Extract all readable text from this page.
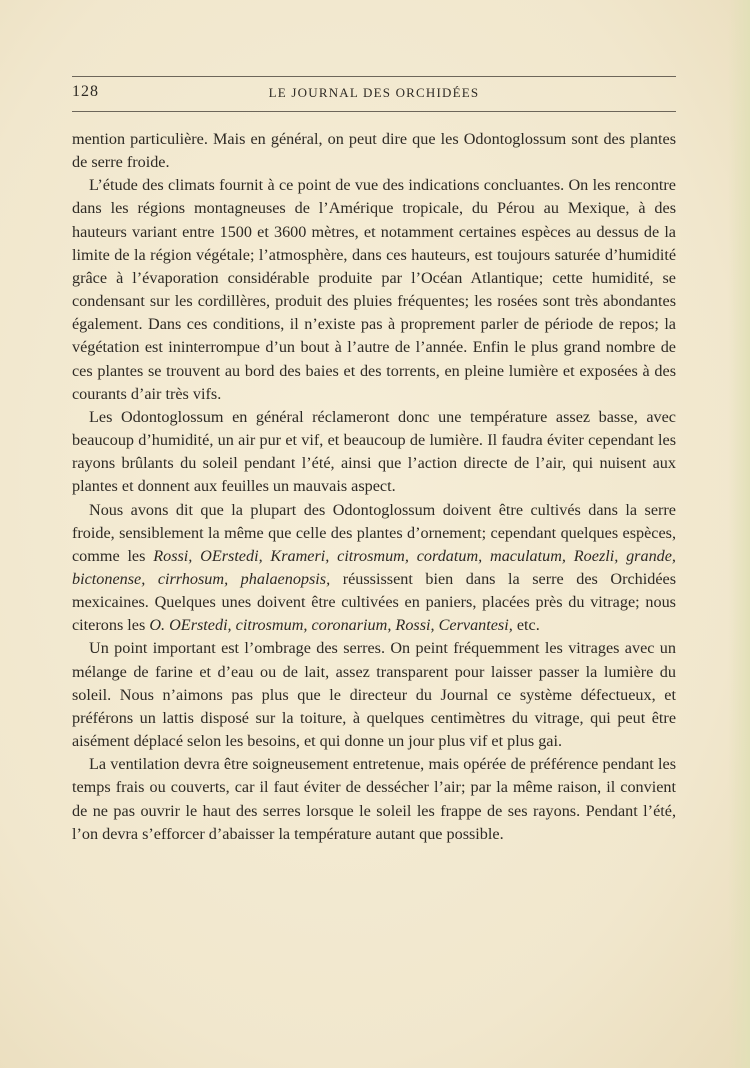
128	LE JOURNAL DES ORCHIDÉES

mention particulière. Mais en général, on peut dire que les Odontoglossum sont des plantes de serre froide.

L’étude des climats fournit à ce point de vue des indications concluantes. On les rencontre dans les régions montagneuses de l’Amérique tropicale, du Pérou au Mexique, à des hauteurs variant entre 1500 et 3600 mètres, et notamment certaines espèces au dessus de la limite de la région végétale; l’atmosphère, dans ces hauteurs, est toujours saturée d’humidité grâce à l’évaporation considérable produite par l’Océan Atlantique; cette humidité, se condensant sur les cordillères, produit des pluies fréquentes; les rosées sont très abondantes également. Dans ces conditions, il n’existe pas à proprement parler de période de repos; la végétation est ininterrompue d’un bout à l’autre de l’année. Enfin le plus grand nombre de ces plantes se trouvent au bord des baies et des torrents, en pleine lumière et exposées à des courants d’air très vifs.

Les Odontoglossum en général réclameront donc une température assez basse, avec beaucoup d’humidité, un air pur et vif, et beaucoup de lumière. Il faudra éviter cependant les rayons brûlants du soleil pendant l’été, ainsi que l’action directe de l’air, qui nuisent aux plantes et donnent aux feuilles un mauvais aspect.

Nous avons dit que la plupart des Odontoglossum doivent être cultivés dans la serre froide, sensiblement la même que celle des plantes d’ornement; cependant quelques espèces, comme les Rossi, OErstedi, Krameri, citrosmum, cordatum, maculatum, Roezli, grande, bictonense, cirrhosum, phalaenopsis, réussissent bien dans la serre des Orchidées mexicaines. Quelques unes doivent être cultivées en paniers, placées près du vitrage; nous citerons les O. OErstedi, citrosmum, coronarium, Rossi, Cervantesi, etc.

Un point important est l’ombrage des serres. On peint fréquemment les vitrages avec un mélange de farine et d’eau ou de lait, assez transparent pour laisser passer la lumière du soleil. Nous n’aimons pas plus que le directeur du Journal ce système défectueux, et préférons un lattis disposé sur la toiture, à quelques centimètres du vitrage, qui peut être aisément déplacé selon les besoins, et qui donne un jour plus vif et plus gai.

La ventilation devra être soigneusement entretenue, mais opérée de préférence pendant les temps frais ou couverts, car il faut éviter de dessécher l’air; par la même raison, il convient de ne pas ouvrir le haut des serres lorsque le soleil les frappe de ses rayons. Pendant l’été, l’on devra s’efforcer d’abaisser la température autant que possible.
